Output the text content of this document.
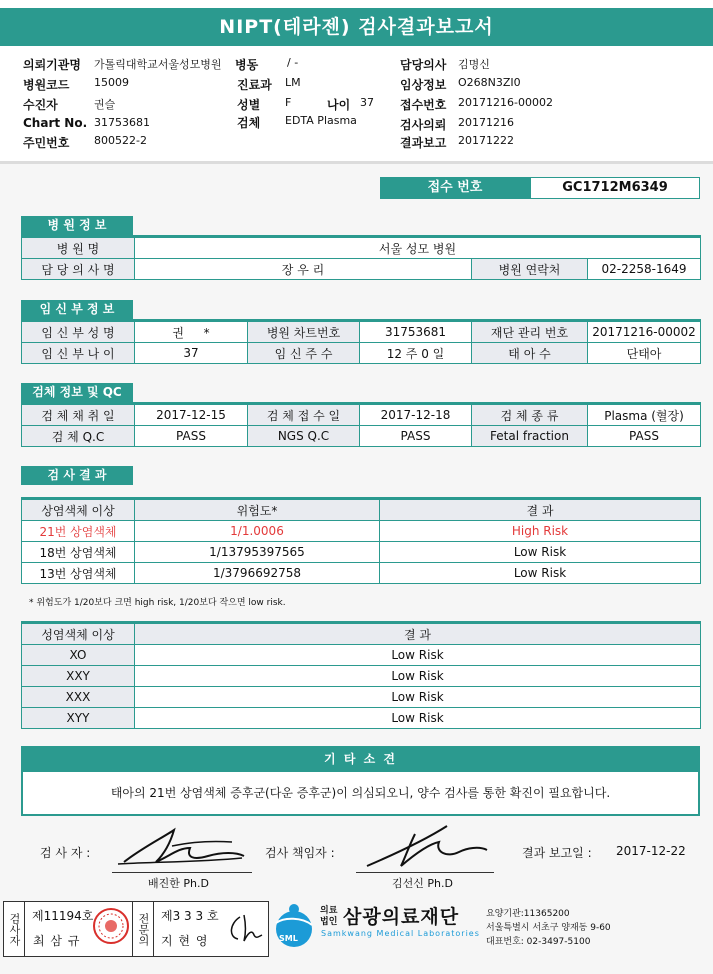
NIPT(테라젠) 검사결과보고서
의뢰기관명 가톨릭대학교서울성모병원 병동	/ -	담당의사 김명신
병원코드 15009	진료과 LM	임상정보 O268N3ZI0
수진자	권슬	성별 F	나이 37 접수번호 20171216-00002
Chart No. 31753681	검체 EDTA Plasma	검사의뢰 20171216
주민번호 800522-2	결과보고 20171222
접수 번호	GC1712M6349
병 원 정 보
병 원 명	서울 성모 병원		
담 당 의 사 명	장 우 리	병원 연락처	02-2258-1649
임 신 부 정 보
임 신 부 성 명	권 　 *	병원 차트번호	31753681	재단 관리 번호	20171216-00002
임 신 부 나 이	37	임 신 주 수	12 주 0 일	태 아 수	단태아
검체 정보 및 QC
검 체 채 취 일	2017-12-15	검 체 접 수 일	2017-12-18	검 체 종 류	Plasma (혈장)
검 체 Q.C	PASS	NGS Q.C	PASS	Fetal fraction	PASS
검 사 결 과
상염색체 이상	위험도*	결 과
21번 상염색체	1/1.0006	High Risk
18번 상염색체	1/13795397565	Low Risk
13번 상염색체	1/3796692758	Low Risk
* 위험도가 1/20보다 크면 high risk, 1/20보다 작으면 low risk.
성염색체 이상	결 과
XO	Low Risk
XXY	Low Risk
XXX	Low Risk
XYY	Low Risk
기 타 소 견
태아의 21번 상염색체 증후군(다운 증후군)이 의심되오니, 양수 검사를 통한 확진이 필요합니다.
검 사 자 :
배진한 Ph.D
검사 책임자 :
김선신 Ph.D
결과 보고일 : 2017-12-22
검사자 제11194호
최 삼 규	전문의 제3 3 3 호
지 현 영	SML
의료
법인 삼광의료재단
Samkwang Medical Laboratories
요양기관:11365200
서울특별시 서초구 양재동 9-60
대표번호: 02-3497-5100
